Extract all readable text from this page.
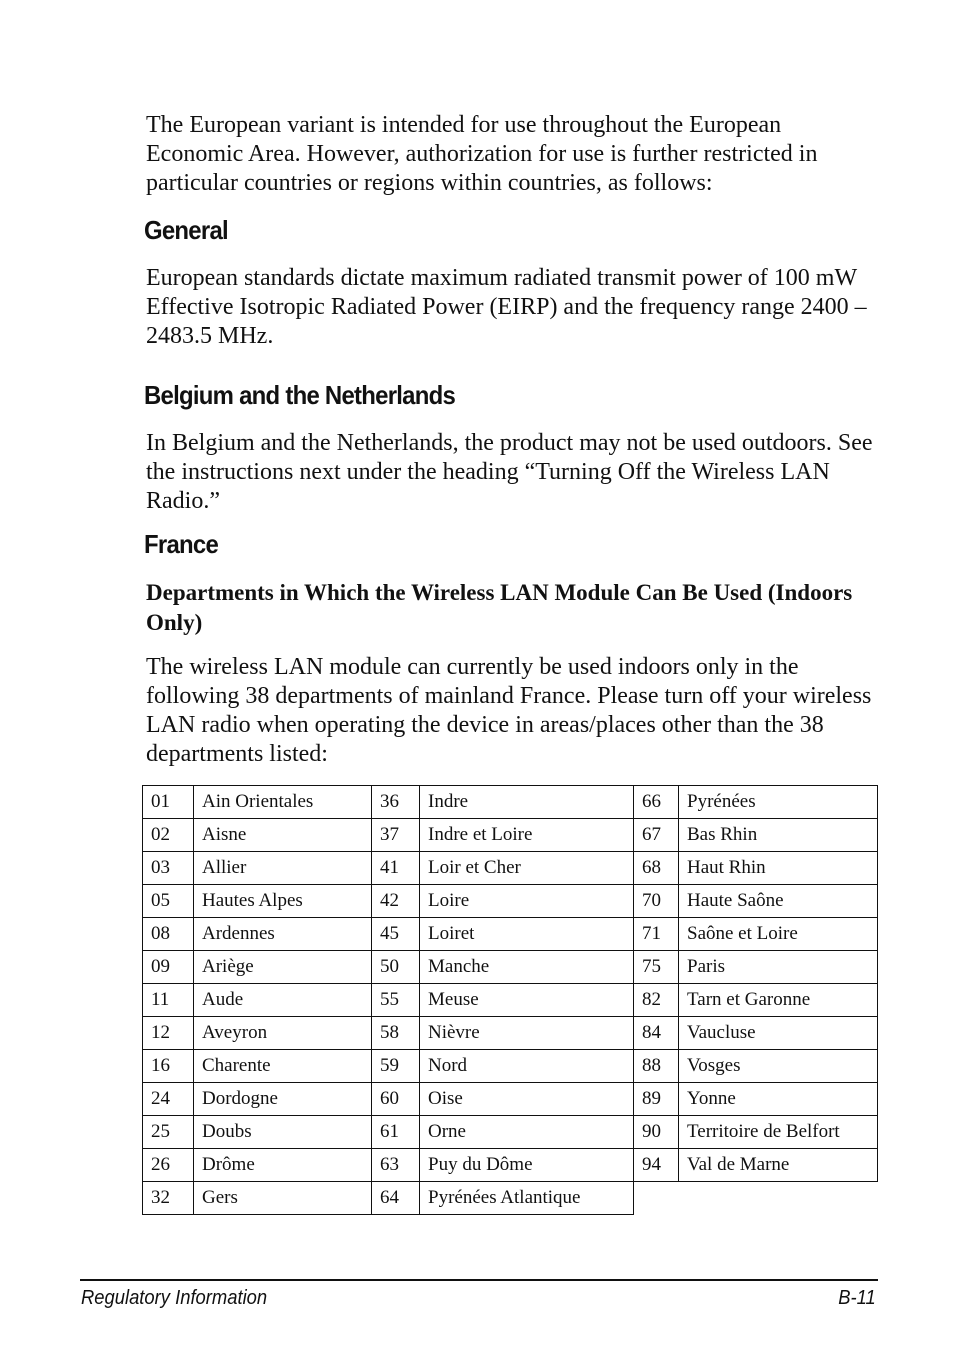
The European variant is intended for use throughout the European Economic Area. However, authorization for use is further restricted in particular countries or regions within countries, as follows:

General

European standards dictate maximum radiated transmit power of 100 mW Effective Isotropic Radiated Power (EIRP) and the frequency range 2400 – 2483.5 MHz.

Belgium and the Netherlands

In Belgium and the Netherlands, the product may not be used outdoors. See the instructions next under the heading “Turning Off the Wireless LAN Radio.”

France
Departments in Which the Wireless LAN Module Can Be Used (Indoors Only)

The wireless LAN module can currently be used indoors only in the following 38 departments of mainland France. Please turn off your wireless LAN radio when operating the device in areas/places other than the 38 departments listed:

01	Ain Orientales	36	Indre	66	Pyrénées
02	Aisne	37	Indre et Loire	67	Bas Rhin
03	Allier	41	Loir et Cher	68	Haut Rhin
05	Hautes Alpes	42	Loire	70	Haute Saône
08	Ardennes	45	Loiret	71	Saône et Loire
09	Ariège	50	Manche	75	Paris
11	Aude	55	Meuse	82	Tarn et Garonne
12	Aveyron	58	Nièvre	84	Vaucluse
16	Charente	59	Nord	88	Vosges
24	Dordogne	60	Oise	89	Yonne
25	Doubs	61	Orne	90	Territoire de Belfort
26	Drôme	63	Puy du Dôme	94	Val de Marne
32	Gers	64	Pyrénées Atlantique		
Regulatory Information	B-11
